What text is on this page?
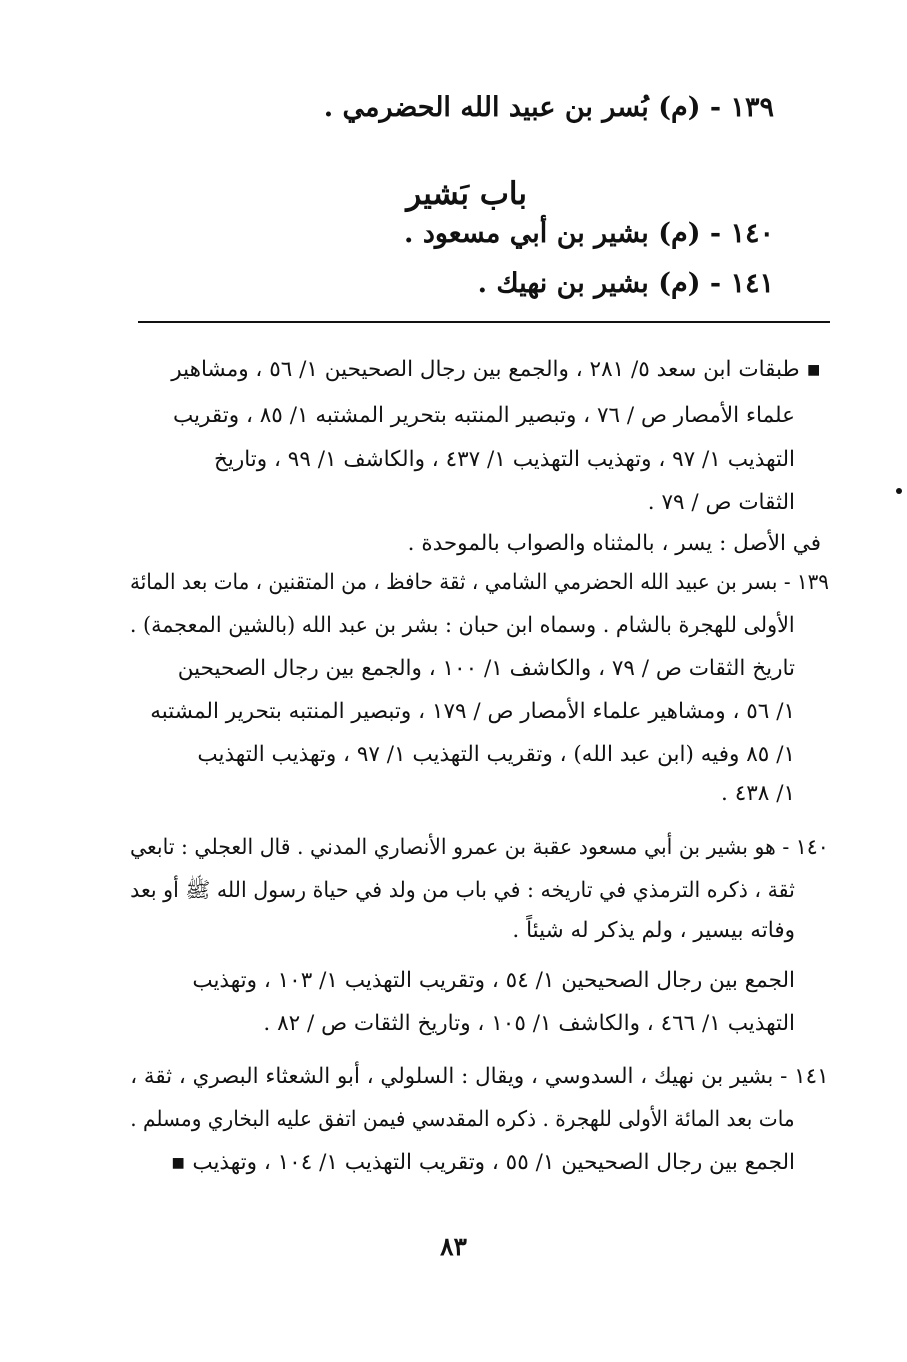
١٣٩ - (م) بُسر بن عبيد الله الحضرمي .
باب بَشير
١٤٠ - (م) بشير بن أبي مسعود .
١٤١ - (م) بشير بن نهيك .
▪ طبقات ابن سعد ٥/ ٢٨١ ، والجمع بين رجال الصحيحين ١/ ٥٦ ، ومشاهير
علماء الأمصار ص / ٧٦ ، وتبصير المنتبه بتحرير المشتبه ١/ ٨٥ ، وتقريب
التهذيب ١/ ٩٧ ، وتهذيب التهذيب ١/ ٤٣٧ ، والكاشف ١/ ٩٩ ، وتاريخ
الثقات ص / ٧٩ .
في الأصل : يسر ، بالمثناه والصواب بالموحدة .
١٣٩ - بسر بن عبيد الله الحضرمي الشامي ، ثقة حافظ ، من المتقنين ، مات بعد المائة
الأولى للهجرة بالشام . وسماه ابن حبان : بشر بن عبد الله (بالشين المعجمة) .
تاريخ الثقات ص / ٧٩ ، والكاشف ١/ ١٠٠ ، والجمع بين رجال الصحيحين
١/ ٥٦ ، ومشاهير علماء الأمصار ص / ١٧٩ ، وتبصير المنتبه بتحرير المشتبه
١/ ٨٥ وفيه (ابن عبد الله) ، وتقريب التهذيب ١/ ٩٧ ، وتهذيب التهذيب
١/ ٤٣٨ .
١٤٠ - هو بشير بن أبي مسعود عقبة بن عمرو الأنصاري المدني . قال العجلي : تابعي
ثقة ، ذكره الترمذي في تاريخه : في باب من ولد في حياة رسول الله ﷺ أو بعد
وفاته بيسير ، ولم يذكر له شيئاً .
الجمع بين رجال الصحيحين ١/ ٥٤ ، وتقريب التهذيب ١/ ١٠٣ ، وتهذيب
التهذيب ١/ ٤٦٦ ، والكاشف ١/ ١٠٥ ، وتاريخ الثقات ص / ٨٢ .
١٤١ - بشير بن نهيك ، السدوسي ، ويقال : السلولي ، أبو الشعثاء البصري ، ثقة ،
مات بعد المائة الأولى للهجرة . ذكره المقدسي فيمن اتفق عليه البخاري ومسلم .
الجمع بين رجال الصحيحين ١/ ٥٥ ، وتقريب التهذيب ١/ ١٠٤ ، وتهذيب ▪
٨٣
